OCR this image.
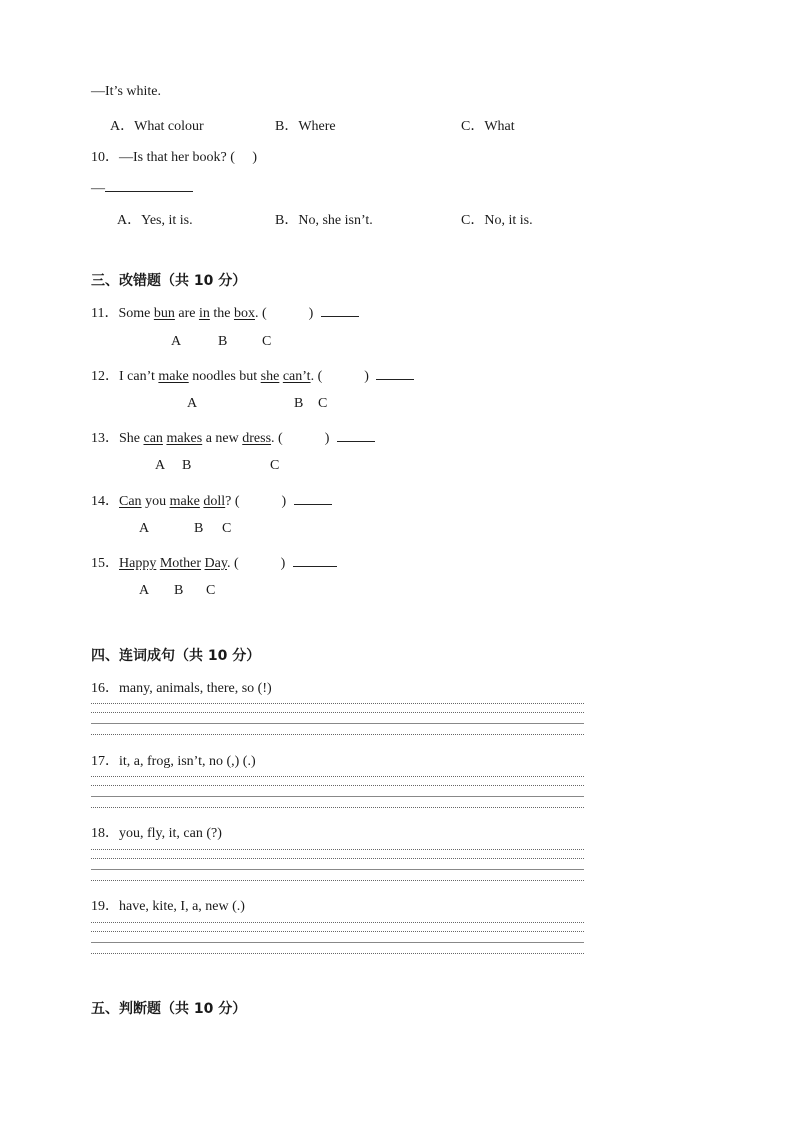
—It’s white.
A．What colour	B．Where	C．What
10．—Is that her book? (　 )
—
A．Yes, it is.	B．No, she isn’t.	C．No, it is.
三、改错题（共 10 分）
11．Some bun are in the box. (　　　)
A	B C
12．I can’t make noodles but she can’t. (　　　)
A	B C
13．She can makes a new dress. (　　　)
A B	C
14．Can you make doll? (　　　)
A	B C
15．Happy Mother Day. (　　　)
A B C
四、连词成句（共 10 分）
16．many, animals, there, so (!)
17．it, a, frog, isn’t, no (,) (.)
18．you, fly, it, can (?)
19．have, kite, I, a, new (.)
五、判断题（共 10 分）
